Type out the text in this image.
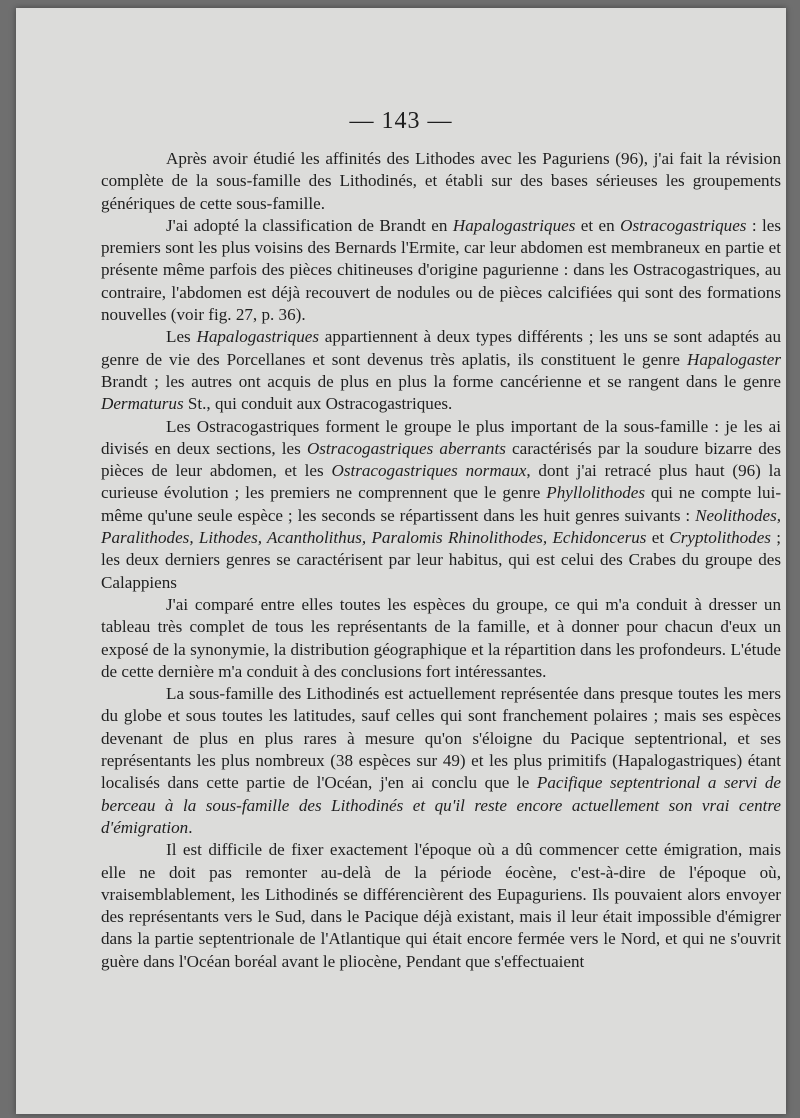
— 143 —

Après avoir étudié les affinités des Lithodes avec les Paguriens (96), j'ai fait la révision complète de la sous-famille des Lithodinés, et établi sur des bases sérieuses les groupements génériques de cette sous-famille.

J'ai adopté la classification de Brandt en Hapalogastriques et en Ostracogastriques : les premiers sont les plus voisins des Bernards l'Ermite, car leur abdomen est membraneux en partie et présente même parfois des pièces chitineuses d'origine pagurienne : dans les Ostracogastriques, au contraire, l'abdomen est déjà recouvert de nodules ou de pièces calcifiées qui sont des formations nouvelles (voir fig. 27, p. 36).

Les Hapalogastriques appartiennent à deux types différents ; les uns se sont adaptés au genre de vie des Porcellanes et sont devenus très aplatis, ils constituent le genre Hapalogaster Brandt ; les autres ont acquis de plus en plus la forme cancérienne et se rangent dans le genre Dermaturus St., qui conduit aux Ostracogastriques.

Les Ostracogastriques forment le groupe le plus important de la sous-famille : je les ai divisés en deux sections, les Ostracogastriques aberrants caractérisés par la soudure bizarre des pièces de leur abdomen, et les Ostracogastriques normaux, dont j'ai retracé plus haut (96) la curieuse évolution ; les premiers ne comprennent que le genre Phyllolithodes qui ne compte lui-même qu'une seule espèce ; les seconds se répartissent dans les huit genres suivants : Neolithodes, Paralithodes, Lithodes, Acantholithus, Paralomis Rhinolithodes, Echidoncerus et Cryptolithodes ; les deux derniers genres se caractérisent par leur habitus, qui est celui des Crabes du groupe des Calappiens

J'ai comparé entre elles toutes les espèces du groupe, ce qui m'a conduit à dresser un tableau très complet de tous les représentants de la famille, et à donner pour chacun d'eux un exposé de la synonymie, la distribution géographique et la répartition dans les profondeurs. L'étude de cette dernière m'a conduit à des conclusions fort intéressantes.

La sous-famille des Lithodinés est actuellement représentée dans presque toutes les mers du globe et sous toutes les latitudes, sauf celles qui sont franchement polaires ; mais ses espèces devenant de plus en plus rares à mesure qu'on s'éloigne du Pacique septentrional, et ses représentants les plus nombreux (38 espèces sur 49) et les plus primitifs (Hapalogastriques) étant localisés dans cette partie de l'Océan, j'en ai conclu que le Pacifique septentrional a servi de berceau à la sous-famille des Lithodinés et qu'il reste encore actuellement son vrai centre d'émigration.

Il est difficile de fixer exactement l'époque où a dû commencer cette émigration, mais elle ne doit pas remonter au-delà de la période éocène, c'est-à-dire de l'époque où, vraisemblablement, les Lithodinés se différencièrent des Eupaguriens. Ils pouvaient alors envoyer des représentants vers le Sud, dans le Pacique déjà existant, mais il leur était impossible d'émigrer dans la partie septentrionale de l'Atlantique qui était encore fermée vers le Nord, et qui ne s'ouvrit guère dans l'Océan boréal avant le pliocène, Pendant que s'effectuaient
